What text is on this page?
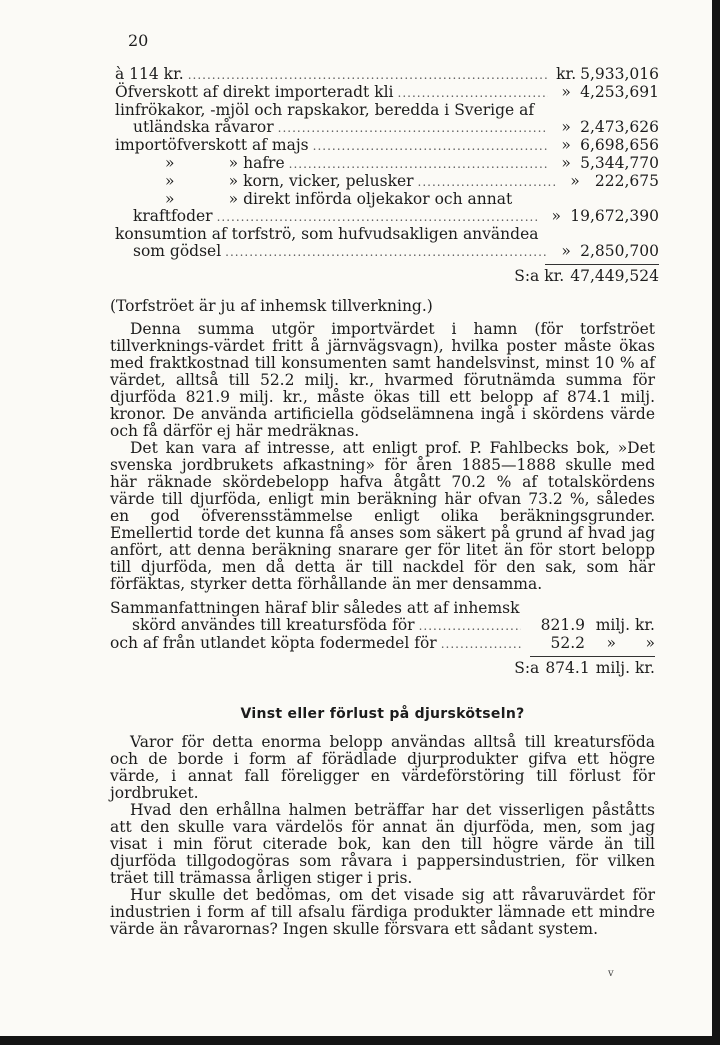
20
à 114 kr. .....	kr. 5,933,016
Öfverskott af direkt importeradt kli .....	» 4,253,691
linfrökakor, -mjöl och rapskakor, beredda i Sverige af
utländska råvaror .....	» 2,473,626
importöfverskott af majs .....	» 6,698,656
»           » hafre .....	» 5,344,770
»           » korn, vicker, pelusker .....	» 222,675
»           » direkt införda oljekakor och annat
kraftfoder .....	» 19,672,390
konsumtion af torfströ, som hufvudsakligen användea
som gödsel .....	» 2,850,700
S:a kr. 47,449,524

(Torfströet är ju af inhemsk tillverkning.)

Denna summa utgör importvärdet i hamn (för torfströet tillverknings-värdet fritt å järnvägsvagn), hvilka poster måste ökas med fraktkostnad till konsumenten samt handelsvinst, minst 10 % af värdet, alltså till 52.2 milj. kr., hvarmed förutnämda summa för djurföda 821.9 milj. kr., måste ökas till ett belopp af 874.1 milj. kronor. De använda artificiella gödselämnena ingå i skördens värde och få därför ej här medräknas.

Det kan vara af intresse, att enligt prof. P. Fahlbecks bok, »Det svenska jordbrukets afkastning» för åren 1885—1888 skulle med här räknade skördebelopp hafva åtgått 70.2 % af totalskördens värde till djurföda, enligt min beräkning här ofvan 73.2 %, således en god öfverensstämmelse enligt olika beräkningsgrunder. Emellertid torde det kunna få anses som säkert på grund af hvad jag anfört, att denna beräkning snarare ger för litet än för stort belopp till djurföda, men då detta är till nackdel för den sak, som här förfäktas, styrker detta förhållande än mer densamma.

Sammanfattningen häraf blir således att af inhemsk
skörd användes till kreatursföda för .....	821.9 milj. kr.
och af från utlandet köpta fodermedel för .....	52.2	»      »
S:a 874.1 milj. kr.
Vinst eller förlust på djurskötseln?

Varor för detta enorma belopp användas alltså till kreatursföda och de borde i form af förädlade djurprodukter gifva ett högre värde, i annat fall föreligger en värdeförstöring till förlust för jordbruket.

Hvad den erhållna halmen beträffar har det visserligen påståtts att den skulle vara värdelös för annat än djurföda, men, som jag visat i min förut citerade bok, kan den till högre värde än till djurföda tillgodogöras som råvara i pappersindustrien, för vilken träet till trämassa årligen stiger i pris.

Hur skulle det bedömas, om det visade sig att råvaruvärdet för industrien i form af till afsalu färdiga produkter lämnade ett mindre värde än råvarornas? Ingen skulle försvara ett sådant system.

v
